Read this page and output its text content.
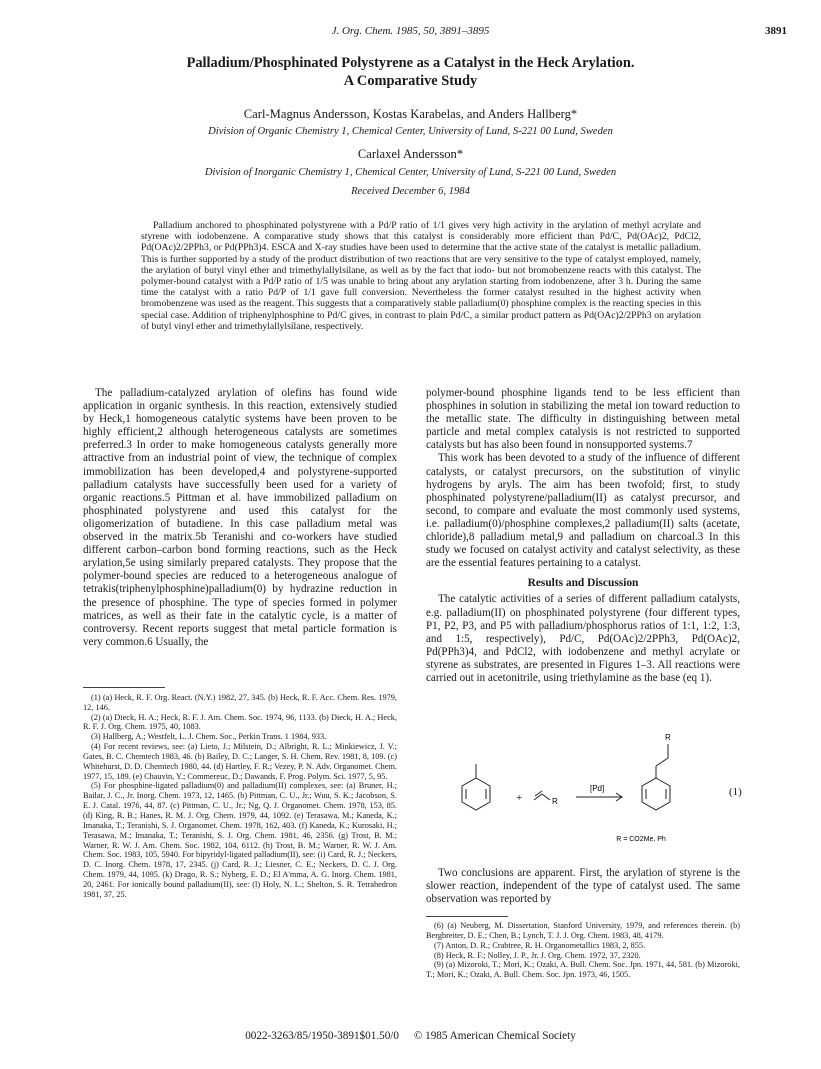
J. Org. Chem. 1985, 50, 3891–3895	3891
Palladium/Phosphinated Polystyrene as a Catalyst in the Heck Arylation.
A Comparative Study
Carl-Magnus Andersson, Kostas Karabelas, and Anders Hallberg*
Division of Organic Chemistry 1, Chemical Center, University of Lund, S-221 00 Lund, Sweden
Carlaxel Andersson*
Division of Inorganic Chemistry 1, Chemical Center, University of Lund, S-221 00 Lund, Sweden
Received December 6, 1984

Palladium anchored to phosphinated polystyrene with a Pd/P ratio of 1/1 gives very high activity in the arylation of methyl acrylate and styrene with iodobenzene. A comparative study shows that this catalyst is considerably more efficient than Pd/C, Pd(OAc)2, PdCl2, Pd(OAc)2/2PPh3, or Pd(PPh3)4. ESCA and X-ray studies have been used to determine that the active state of the catalyst is metallic palladium. This is further supported by a study of the product distribution of two reactions that are very sensitive to the type of catalyst employed, namely, the arylation of butyl vinyl ether and trimethylallylsilane, as well as by the fact that iodo- but not bromobenzene reacts with this catalyst. The polymer-bound catalyst with a Pd/P ratio of 1/5 was unable to bring about any arylation starting from iodobenzene, after 3 h. During the same time the catalyst with a ratio Pd/P of 1/1 gave full conversion. Nevertheless the former catalyst resulted in the highest activity when bromobenzene was used as the reagent. This suggests that a comparatively stable palladium(0) phosphine complex is the reacting species in this special case. Addition of triphenylphosphine to Pd/C gives, in contrast to plain Pd/C, a similar product pattern as Pd(OAc)2/2PPh3 on arylation of butyl vinyl ether and trimethylallylsilane, respectively.

The palladium-catalyzed arylation of olefins has found wide application in organic synthesis. In this reaction, extensively studied by Heck,1 homogeneous catalytic systems have been proven to be highly efficient,2 although heterogeneous catalysts are sometimes preferred.3 In order to make homogeneous catalysts generally more attractive from an industrial point of view, the technique of complex immobilization has been developed,4 and polystyrene-supported palladium catalysts have successfully been used for a variety of organic reactions.5 Pittman et al. have immobilized palladium on phosphinated polystyrene and used this catalyst for the oligomerization of butadiene. In this case palladium metal was observed in the matrix.5b Teranishi and co-workers have studied different carbon–carbon bond forming reactions, such as the Heck arylation,5e using similarly prepared catalysts. They propose that the polymer-bound species are reduced to a heterogeneous analogue of tetrakis(triphenylphosphine)palladium(0) by hydrazine reduction in the presence of phosphine. The type of species formed in polymer matrices, as well as their fate in the catalytic cycle, is a matter of controversy. Recent reports suggest that metal particle formation is very common.6 Usually, the

(1) (a) Heck, R. F. Org. React. (N.Y.) 1982, 27, 345. (b) Heck, R. F. Acc. Chem. Res. 1979, 12, 146.
(2) (a) Dieck, H. A.; Heck, R. F. J. Am. Chem. Soc. 1974, 96, 1133. (b) Dieck, H. A.; Heck, R. F. J. Org. Chem. 1975, 40, 1083.
(3) Hallberg, A.; Westfelt, L. J. Chem. Soc., Perkin Trans. 1 1984, 933.
(4) For recent reviews, see: (a) Lieto, J.; Milstein, D.; Albright, R. L.; Minkiewicz, J. V.; Gates, B. C. Chemtech 1983, 46. (b) Bailey, D. C.; Langer, S. H. Chem. Rev. 1981, 8, 109. (c) Whitehurst, D. D. Chemtech 1980, 44. (d) Hartley, F. R.; Vezey, P. N. Adv. Organomet. Chem. 1977, 15, 189. (e) Chauvin, Y.; Commereuc, D.; Dawands, F. Prog. Polym. Sci. 1977, 5, 95.
(5) For phosphine-ligated palladium(0) and palladium(II) complexes, see: (a) Bruner, H.; Bailar, J. C., Jr. Inorg. Chem. 1973, 12, 1465. (b) Pittman, C. U., Jr.; Wuu, S. K.; Jacobson, S. E. J. Catal. 1976, 44, 87. (c) Pittman, C. U., Jr.; Ng, Q. J. Organomet. Chem. 1978, 153, 85. (d) King, R. B.; Hanes, R. M. J. Org. Chem. 1979, 44, 1092. (e) Terasawa, M.; Kaneda, K.; Imanaka, T.; Teranishi, S. J. Organomet. Chem. 1978, 162, 403. (f) Kaneda, K.; Kurosaki, H.; Terasawa, M.; Imanaka, T.; Teranishi, S. J. Org. Chem. 1981, 46, 2356. (g) Trost, B. M.; Warner, R. W. J. Am. Chem. Soc. 1982, 104, 6112. (h) Trost, B. M.; Warner, R. W. J. Am. Chem. Soc. 1983, 105, 5940. For bipyridyl-ligated palladium(II), see: (i) Card, R. J.; Neckers, D. C. Inorg. Chem. 1978, 17, 2345. (j) Card, R. J.; Liesner, C. E.; Neckers, D. C. J. Org. Chem. 1979, 44, 1095. (k) Drago, R. S.; Nyberg, E. D.; El A'mma, A. G. Inorg. Chem. 1981, 20, 2461. For ionically bound palladium(II), see: (l) Holy, N. L.; Shelton, S. R. Tetrahedron 1981, 37, 25.

polymer-bound phosphine ligands tend to be less efficient than phosphines in solution in stabilizing the metal ion toward reduction to the metallic state. The difficulty in distinguishing between metal particle and metal complex catalysis is not restricted to supported catalysts but has also been found in nonsupported systems.7

This work has been devoted to a study of the influence of different catalysts, or catalyst precursors, on the substitution of vinylic hydrogens by aryls. The aim has been twofold; first, to study phosphinated polystyrene/palladium(II) as catalyst precursor, and second, to compare and evaluate the most commonly used systems, i.e. palladium(0)/phosphine complexes,2 palladium(II) salts (acetate, chloride),8 palladium metal,9 and palladium on charcoal.3 In this study we focused on catalyst activity and catalyst selectivity, as these are the essential features pertaining to a catalyst.

Results and Discussion

The catalytic activities of a series of different palladium catalysts, e.g. palladium(II) on phosphinated polystyrene (four different types, P1, P2, P3, and P5 with palladium/phosphorus ratios of 1:1, 1:2, 1:3, and 1:5, respectively), Pd/C, Pd(OAc)2/2PPh3, Pd(OAc)2, Pd(PPh3)4, and PdCl2, with iodobenzene and methyl acrylate or styrene as substrates, are presented in Figures 1–3. All reactions were carried out in acetonitrile, using triethylamine as the base (eq 1).

+	R
[Pd]
R
R = CO2Me, Ph
(1)

Two conclusions are apparent. First, the arylation of styrene is the slower reaction, independent of the type of catalyst used. The same observation was reported by

(6) (a) Neuberg, M. Dissertation, Stanford University, 1979, and references therein. (b) Bergbreiter, D. E.; Chen, B.; Lynch, T. J. J. Org. Chem. 1983, 48, 4179.
(7) Anton, D. R.; Crabtree, R. H. Organometallics 1983, 2, 855.
(8) Heck, R. F.; Nolley, J. P., Jr. J. Org. Chem. 1972, 37, 2320.
(9) (a) Mizoroki, T.; Mori, K.; Ozaki, A. Bull. Chem. Soc. Jpn. 1971, 44, 581. (b) Mizoroki, T.; Mori, K.; Ozaki, A. Bull. Chem. Soc. Jpn. 1973, 46, 1505.
0022-3263/85/1950-3891$01.50/0 © 1985 American Chemical Society
